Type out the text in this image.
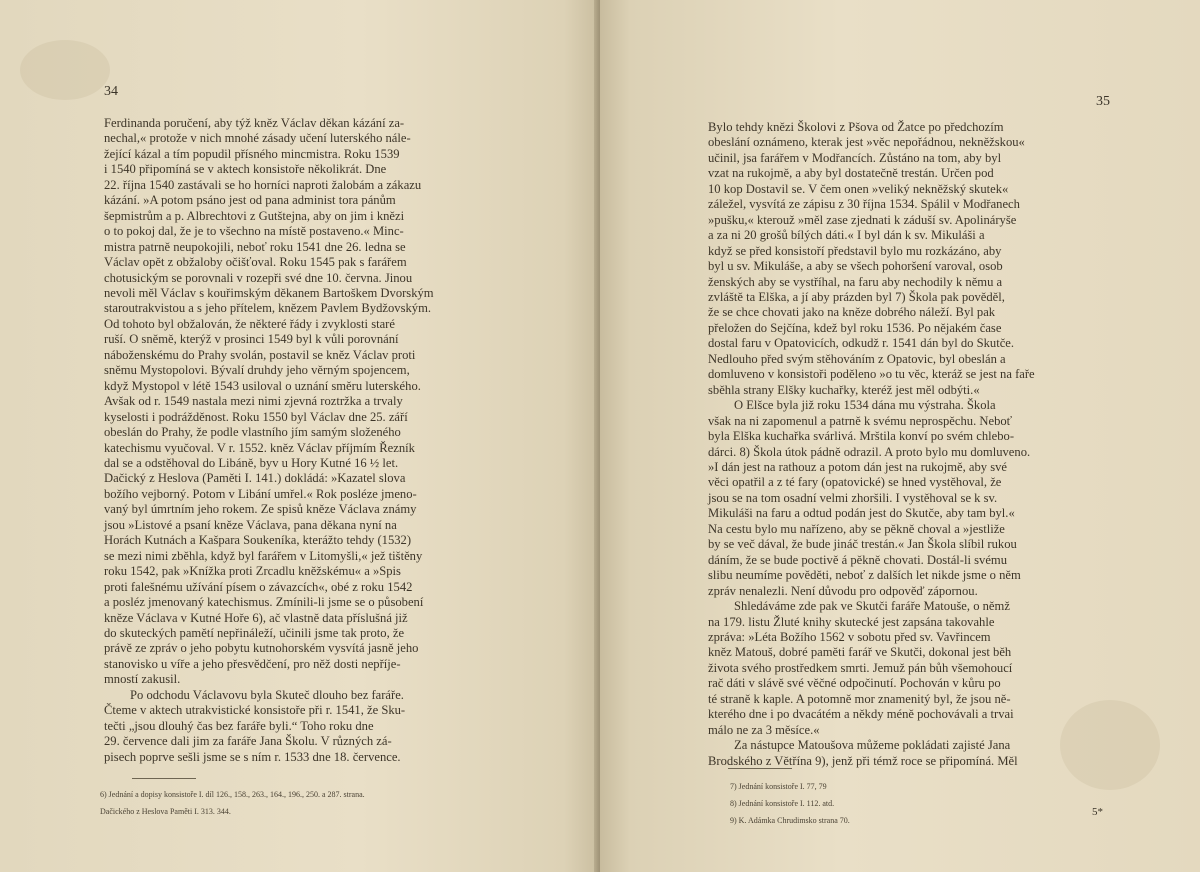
34

Ferdinanda poručení, aby týž kněz Václav děkan kázání za-

nechal,« protože v nich mnohé zásady učení luterského nále-

žející kázal a tím popudil přísného mincmistra. Roku 1539

i 1540 připomíná se v aktech konsistoře několikrát. Dne

22. října 1540 zastávali se ho horníci naproti žalobám a zákazu

kázání. »A potom psáno jest od pana administ tora pánům

šepmistrům a p. Albrechtovi z Gutštejna, aby on jim i knězi

o to pokoj dal, že je to všechno na místě postaveno.« Minc-

mistra patrně neupokojili, neboť roku 1541 dne 26. ledna se

Václav opět z obžaloby očišťoval. Roku 1545 pak s farářem

chotusickým se porovnali v rozepři své dne 10. června. Jinou

nevoli měl Václav s kouřimským děkanem Bartoškem Dvorským

staroutrakvistou a s jeho přítelem, knězem Pavlem Bydžovským.

Od tohoto byl obžalován, že některé řády i zvyklosti staré

ruší. O sněmě, kterýž v prosinci 1549 byl k vůli porovnání

náboženskému do Prahy svolán, postavil se kněz Václav proti

sněmu Mystopolovi. Bývalí druhdy jeho věrným spojencem,

když Mystopol v létě 1543 usiloval o uznání směru luterského.

Avšak od r. 1549 nastala mezi nimi zjevná roztržka a trvaly

kyselosti i podrážděnost. Roku 1550 byl Václav dne 25. září

obeslán do Prahy, že podle vlastního jím samým složeného

katechismu vyučoval. V r. 1552. kněz Václav příjmím Řezník

dal se a odstěhoval do Libáně, byv u Hory Kutné 16 ½ let.

Dačický z Heslova (Paměti I. 141.) dokládá: »Kazatel slova

božího vejborný. Potom v Libání umřel.« Rok posléze jmeno-

vaný byl úmrtním jeho rokem. Ze spisů kněze Václava známy

jsou »Listové a psaní kněze Václava, pana děkana nyní na

Horách Kutnách a Kašpara Soukeníka, kterážto tehdy (1532)

se mezi nimi zběhla, když byl farářem v Litomyšli,« jež tištěny

roku 1542, pak »Knížka proti Zrcadlu kněžskému« a »Spis

proti falešnému užívání písem o závazcích«, obé z roku 1542

a posléz jmenovaný katechismus. Zmínili-li jsme se o působení

kněze Václava v Kutné Hoře 6), ač vlastně data příslušná již

do skuteckých pamětí nepřináleží, učinili jsme tak proto, že

právě ze zpráv o jeho pobytu kutnohorském vysvítá jasně jeho

stanovisko u víře a jeho přesvědčení, pro něž dosti nepříje-

mností zakusil.

Po odchodu Václavovu byla Skuteč dlouho bez faráře.

Čteme v aktech utrakvistické konsistoře při r. 1541, že Sku-

tečti „jsou dlouhý čas bez faráře byli.“ Toho roku dne

29. července dali jim za faráře Jana Školu. V různých zá-

pisech poprve sešli jsme se s ním r. 1533 dne 18. července.

6) Jednání a dopisy konsistoře I. díl 126., 158., 263., 164., 196., 250. a 287. strana.

Dačického z Heslova Paměti I. 313. 344.

35

Bylo tehdy knězi Školovi z Pšova od Žatce po předchozím

obeslání oznámeno, kterak jest »věc nepořádnou, nekněžskou«

učinil, jsa farářem v Modřancích. Zůstáno na tom, aby byl

vzat na rukojmě, a aby byl dostatečně trestán. Určen pod

10 kop Dostavil se. V čem onen »veliký nekněžský skutek«

záležel, vysvítá ze zápisu z 30 října 1534. Spálil v Modřanech

»pušku,« kterouž »měl zase zjednati k záduší sv. Apolináryše

a za ni 20 grošů bílých dáti.« I byl dán k sv. Mikuláši a

když se před konsistoří představil bylo mu rozkázáno, aby

byl u sv. Mikuláše, a aby se všech pohoršení varoval, osob

ženských aby se vystříhal, na faru aby nechodily k němu a

zvláště ta Elška, a jí aby prázden byl 7) Škola pak pověděl,

že se chce chovati jako na kněze dobrého náleží. Byl pak

přeložen do Sejčína, kdež byl roku 1536. Po nějakém čase

dostal faru v Opatovicích, odkudž r. 1541 dán byl do Skutče.

Nedlouho před svým stěhováním z Opatovic, byl obeslán a

domluveno v konsistoři poděleno »o tu věc, kteráž se jest na faře

sběhla strany Elšky kuchařky, kteréž jest měl odbýti.«

O Elšce byla již roku 1534 dána mu výstraha. Škola

však na ni zapomenul a patrně k svému neprospěchu. Neboť

byla Elška kuchařka svárlivá. Mrštila konví po svém chlebo-

dárci. 8) Škola útok pádně odrazil. A proto bylo mu domluveno.

»I dán jest na rathouz a potom dán jest na rukojmě, aby své

věci opatřil a z té fary (opatovické) se hned vystěhoval, že

jsou se na tom osadní velmi zhoršili. I vystěhoval se k sv.

Mikuláši na faru a odtud podán jest do Skutče, aby tam byl.«

Na cestu bylo mu nařízeno, aby se pěkně choval a »jestliže

by se več dával, že bude jináč trestán.« Jan Škola slíbil rukou

dáním, že se bude poctivě á pěkně chovati. Dostál-li svému

slibu neumíme pověděti, neboť z dalších let nikde jsme o něm

zpráv nenalezli. Není důvodu pro odpověď zápornou.

Shledáváme zde pak ve Skutči faráře Matouše, o němž

na 179. listu Žluté knihy skutecké jest zapsána takovahle

zpráva: »Léta Božího 1562 v sobotu před sv. Vavřincem

kněz Matouš, dobré paměti farář ve Skutči, dokonal jest běh

života svého prostředkem smrti. Jemuž pán bůh všemohoucí

rač dáti v slávě své věčné odpočinutí. Pochován v kůru po

té straně k kaple. A potomně mor znamenitý byl, že jsou ně-

kterého dne i po dvacátém a někdy méně pochovávali a trvai

málo ne za 3 měsíce.«

Za nástupce Matoušova můžeme pokládati zajisté Jana

Brodského z Větřína 9), jenž při témž roce se připomíná. Měl

7) Jednání konsistoře I. 77, 79

8) Jednání konsistoře I. 112. atd.

9) K. Adámka Chrudimsko strana 70.

5*
